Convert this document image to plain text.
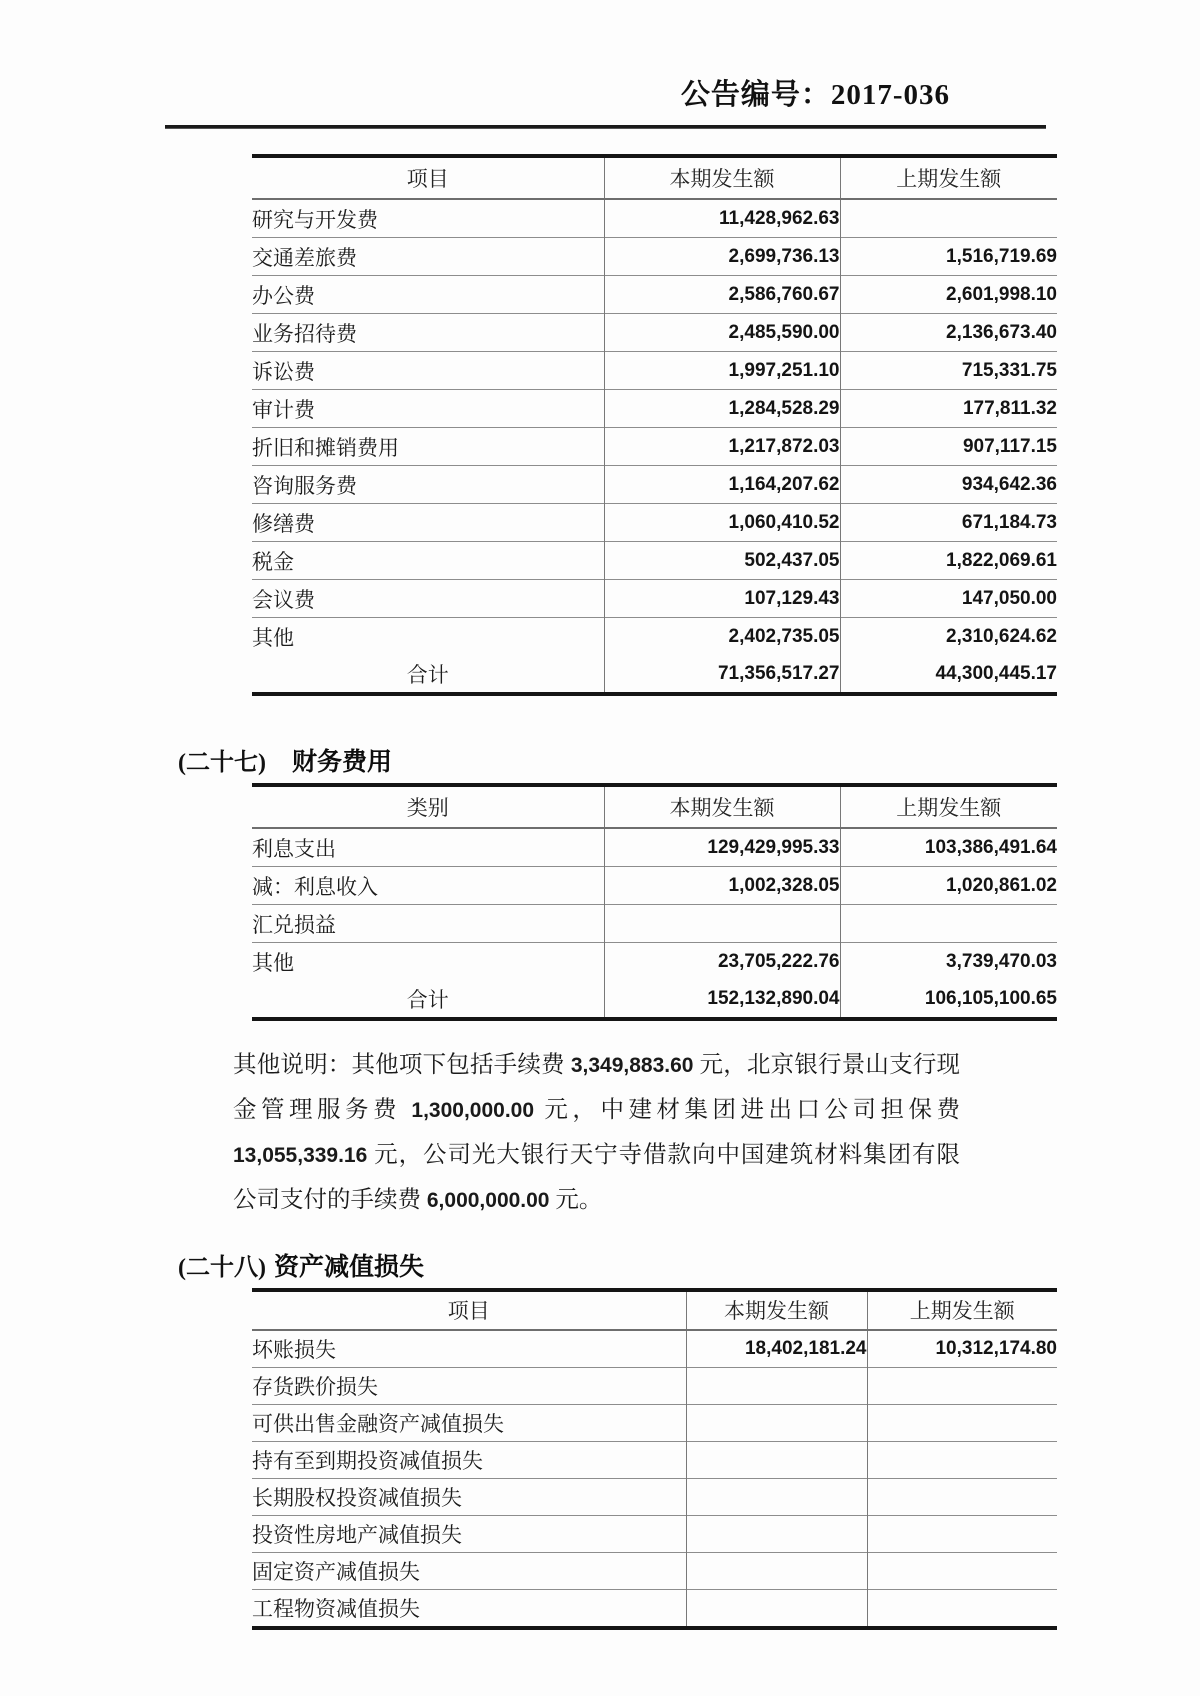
公告编号：2017-036
项目	本期发生额	上期发生额
研究与开发费	11,428,962.63	
交通差旅费	2,699,736.13	1,516,719.69
办公费	2,586,760.67	2,601,998.10
业务招待费	2,485,590.00	2,136,673.40
诉讼费	1,997,251.10	715,331.75
审计费	1,284,528.29	177,811.32
折旧和摊销费用	1,217,872.03	907,117.15
咨询服务费	1,164,207.62	934,642.36
修缮费	1,060,410.52	671,184.73
税金	502,437.05	1,822,069.61
会议费	107,129.43	147,050.00
其他	2,402,735.05	2,310,624.62
合计	71,356,517.27	44,300,445.17
(二十七) 财务费用
类别	本期发生额	上期发生额
利息支出	129,429,995.33	103,386,491.64
减：利息收入	1,002,328.05	1,020,861.02
汇兑损益		
其他	23,705,222.76	3,739,470.03
合计	152,132,890.04	106,105,100.65

其他说明：其他项下包括手续费 3,349,883.60 元，北京银行景山支行现金管理服务费 1,300,000.00 元，中建材集团进出口公司担保费 13,055,339.16 元，公司光大银行天宁寺借款向中国建筑材料集团有限公司支付的手续费 6,000,000.00 元。

(二十八) 资产减值损失
项目	本期发生额	上期发生额
坏账损失	18,402,181.24	10,312,174.80
存货跌价损失		
可供出售金融资产减值损失		
持有至到期投资减值损失		
长期股权投资减值损失		
投资性房地产减值损失		
固定资产减值损失		
工程物资减值损失		
